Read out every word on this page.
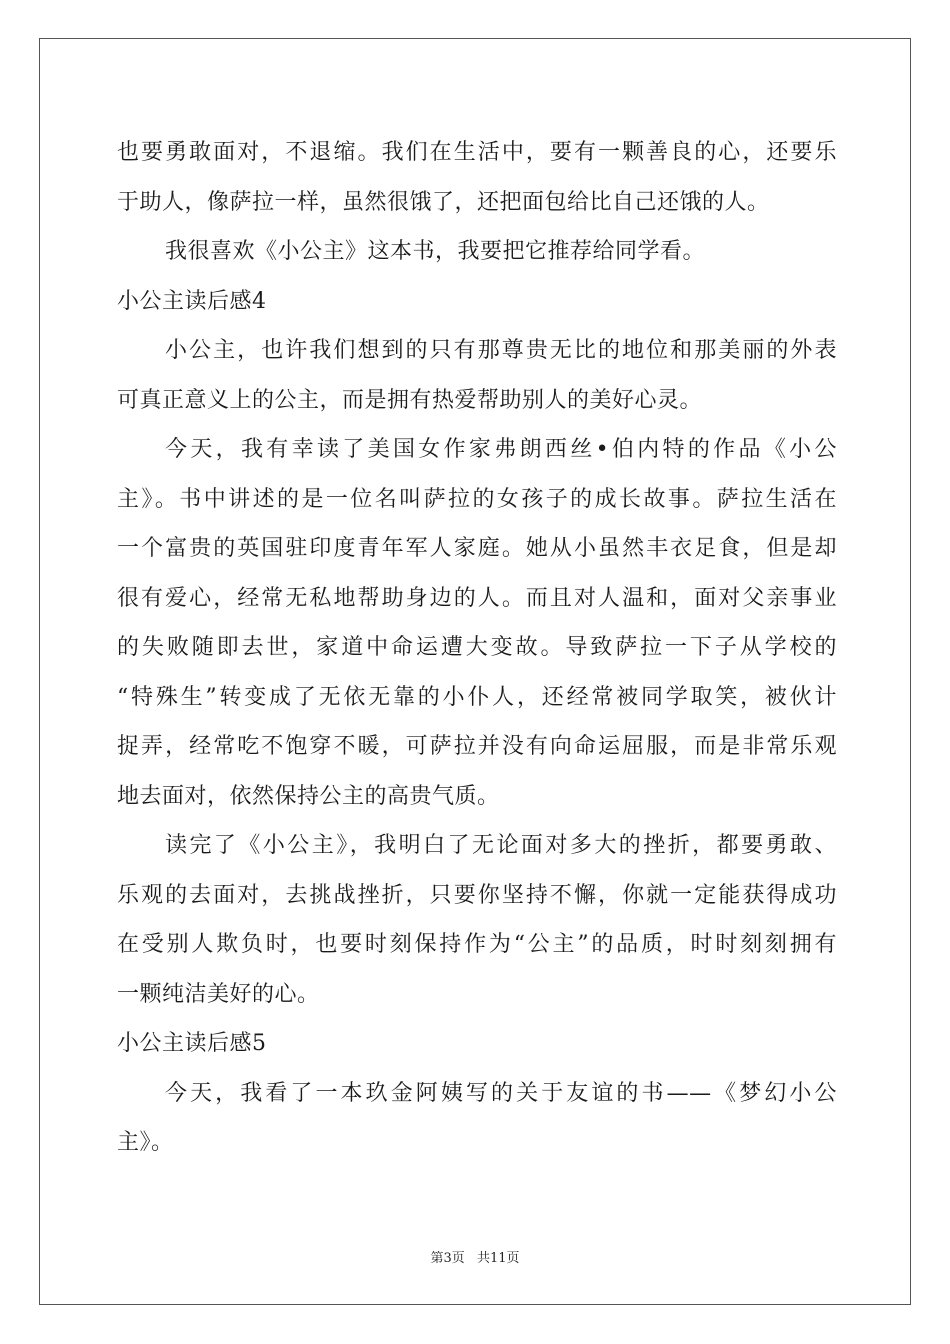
也要勇敢面对，不退缩。我们在生活中，要有一颗善良的心，还要乐
于助人，像萨拉一样，虽然很饿了，还把面包给比自己还饿的人。
我很喜欢《小公主》这本书，我要把它推荐给同学看。
小公主读后感4
小公主，也许我们想到的只有那尊贵无比的地位和那美丽的外表
可真正意义上的公主，而是拥有热爱帮助别人的美好心灵。
今天，我有幸读了美国女作家弗朗西丝•伯内特的作品《小公
主》。书中讲述的是一位名叫萨拉的女孩子的成长故事。萨拉生活在
一个富贵的英国驻印度青年军人家庭。她从小虽然丰衣足食，但是却
很有爱心，经常无私地帮助身边的人。而且对人温和，面对父亲事业
的失败随即去世，家道中命运遭大变故。导致萨拉一下子从学校的
“特殊生”转变成了无依无靠的小仆人，还经常被同学取笑，被伙计
捉弄，经常吃不饱穿不暖，可萨拉并没有向命运屈服，而是非常乐观
地去面对，依然保持公主的高贵气质。
读完了《小公主》，我明白了无论面对多大的挫折，都要勇敢、
乐观的去面对，去挑战挫折，只要你坚持不懈，你就一定能获得成功
在受别人欺负时，也要时刻保持作为“公主”的品质，时时刻刻拥有
一颗纯洁美好的心。
小公主读后感5
今天，我看了一本玖金阿姨写的关于友谊的书——《梦幻小公
主》。
第3页 共11页
